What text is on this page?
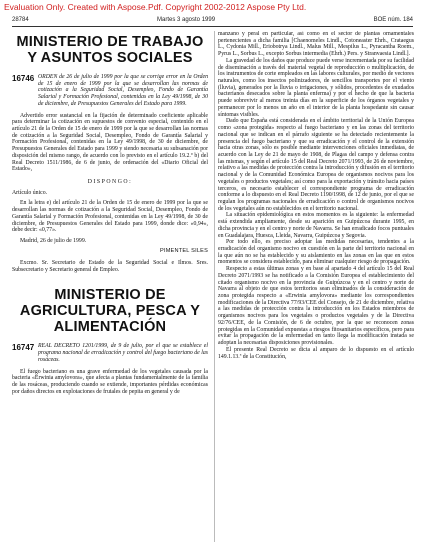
Evaluation Only. Created with Aspose.Pdf. Copyright 2002-2012 Aspose Pty Ltd.
28784	Martes 3 agosto 1999	BOE núm. 184
MINISTERIO DE TRABAJO Y ASUNTOS SOCIALES
16746 ORDEN de 26 de julio de 1999 por la que se corrige error en la Orden de 15 de enero de 1999 por la que se desarrollan las normas de cotización a la Seguridad Social, Desempleo, Fondo de Garantía Salarial y Formación Profesional, contenidas en la Ley 49/1998, de 30 de diciembre, de Presupuestos Generales del Estado para 1999.

Advertido error sustancial en la fijación de determinado coeficiente aplicable para determinar la cotización en supuestos de convenio especial, contenido en el artículo 21 de la Orden de 15 de enero de 1999 por la que se desarrollan las normas de cotización a la Seguridad Social, Desempleo, Fondo de Garantía Salarial y Formación Profesional, contenidas en la Ley 49/1998, de 30 de diciembre, de Presupuestos Generales del Estado para 1999 y siendo necesaria su subsanación por disposición del mismo rango, de acuerdo con lo previsto en el artículo 19.2.º b) del Real Decreto 1511/1986, de 6 de junio, de ordenación del «Diario Oficial del Estado»,

DISPONGO:

Artículo único.

En la letra e) del artículo 21 de la Orden de 15 de enero de 1999 por la que se desarrollan las normas de cotización a la Seguridad Social, Desempleo, Fondo de Garantía Salarial y Formación Profesional, contenidas en la Ley 49/1998, de 30 de diciembre, de Presupuestos Generales del Estado para 1999, donde dice: «0,94», debe decir: «0,77».

Madrid, 26 de julio de 1999.

PIMENTEL SILES

Excmo. Sr. Secretario de Estado de la Seguridad Social e Ilmos. Sres. Subsecretario y Secretario general de Empleo.

MINISTERIO DE AGRICULTURA, PESCA Y ALIMENTACIÓN
16747 REAL DECRETO 1201/1999, de 9 de julio, por el que se establece el programa nacional de erradicación y control del fuego bacteriano de las rosáceas.

El fuego bacteriano es una grave enfermedad de los vegetales causada por la bacteria «Erwinia amylovora», que afecta a plantas fundamentalmente de la familia de las rosáceas, produciendo cuando se extiende, importantes pérdidas económicas por daños directos en explotaciones de frutales de pepita en general y de

manzano y peral en particular, así como en el sector de plantas ornamentales pertenecientes a dicha familia [Chaenomeles Lindl., Cotoneaster Ehrh., Crataegus L., Cydonia Mill., Eriobotrya Lindl., Malus Mill., Mespilus L., Pyracantha Roem., Pyrus L., Sorbus L., excepto Sorbus intermedia (Ehrh.) Pers. y Stranvaesia Lindl.].

La gravedad de los daños que produce puede verse incrementada por su facilidad de diseminación a través del material vegetal de reproducción o multiplicación, de los instrumentos de corte empleados en las labores culturales, por medio de vectores naturales, como los insectos polinizadores, de sencillos transportes por el viento (lluvia), generados por la lluvia o irrigaciones, y sólidos, procedentes de exudados bacterianos desecados sobre la planta enferma) y por el hecho de que la bacteria puede sobrevivir al menos treinta días en la superficie de los órganos vegetales y permanecer por lo menos un año en el interior de la planta hospedante sin causar síntomas visibles.

Dado que España está considerada en el ámbito territorial de la Unión Europea como «zona protegida» respecto al fuego bacteriano y en las zonas del territorio nacional que se indican en el párrafo siguiente se ha detectado recientemente la presencia del fuego bacteriano y que su erradicación y el control de la extensión hacia otras zonas, sólo es posible mediante intervenciones oficiales inmediatas, de acuerdo con la Ley de 21 de mayo de 1908, de Plagas del campo y defensa contra las mismas, y según el artículo 15 del Real Decreto 2071/1993, de 26 de noviembre, relativo a las medidas de protección contra la introducción y difusión en el territorio nacional y de la Comunidad Económica Europea de organismos nocivos para los vegetales o productos vegetales; así como para la exportación y tránsito hacia países terceros, es necesario establecer el correspondiente programa de erradicación conforme a lo dispuesto en el Real Decreto 1190/1998, de 12 de junio, por el que se regulan los programas nacionales de erradicación o control de organismos nocivos de los vegetales aún no establecidos en el territorio nacional.

La situación epidemiológica en estos momentos es la siguiente: la enfermedad está extendida ampliamente, desde su aparición en Guipúzcoa durante 1995, en dicha provincia y en el centro y norte de Navarra. Se han erradicado focos puntuales en Guadalajara, Huesca, Lleida, Navarra, Guipúzcoa y Segovia.

Por todo ello, es preciso adoptar las medidas necesarias, tendentes a la erradicación del organismo nocivo en cuestión en la parte del territorio nacional en la que aún no se ha establecido y su aislamiento en las zonas en las que en estos momentos se considera establecido, para eliminar cualquier riesgo de propagación.

Respecto a estas últimas zonas y en base al apartado 4 del artículo 15 del Real Decreto 2071/1993 se ha notificado a la Comisión Europea el establecimiento del citado organismo nocivo en la provincia de Guipúzcoa y en el centro y norte de Navarra al objeto de que estos territorios sean eliminados de la consideración de zona protegida respecto a «Erwinia amylovora» mediante los correspondientes modificaciones de la Directiva 77/93/CEE del Consejo, de 21 de diciembre, relativa a las medidas de protección contra la introducción en los Estados miembros de organismos nocivos para los vegetales o productos vegetales y de la Directiva 92/76/CEE, de la Comisión, de 6 de octubre, por la que se reconocen zonas protegidas en la Comunidad expuestas a riesgos fitosanitarios específicos, pero para evitar la propagación de la enfermedad en tanto llega la modificación instada se adoptan la necesarias disposiciones provisionales.

El presente Real Decreto se dicta al amparo de lo dispuesto en el artículo 149.1.13.ª de la Constitución,
